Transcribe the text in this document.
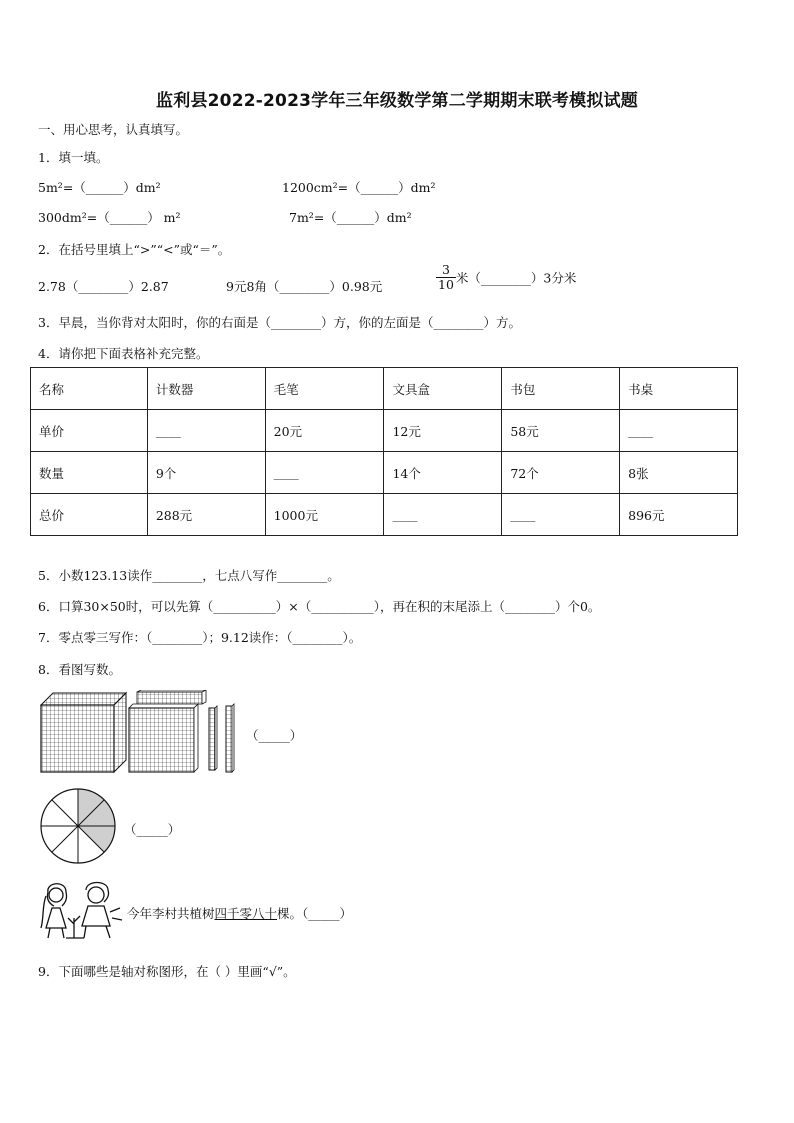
监利县2022-2023学年三年级数学第二学期期末联考模拟试题
一、用心思考，认真填写。
1．填一填。
5m²=（______）dm²	1200cm²=（______）dm²
300dm²=（______） m²	7m²=（______）dm²
2．在括号里填上“>”“<”或“＝”。
2.78（________）2.87	9元8角（________）0.98元	$\frac{3}{10}$ 米（________）3分米
3．早晨，当你背对太阳时，你的右面是（________）方，你的左面是（________）方。
4．请你把下面表格补充完整。
名称	计数器	毛笔	文具盒	书包	书桌
单价	____	20元	12元	58元	____
数量	9个	____	14个	72个	8张
总价	288元	1000元	____	____	896元
5．小数123.13读作________，七点八写作________。
6．口算30×50时，可以先算（__________）×（__________），再在积的末尾添上（________）个0。
7．零点零三写作：（________）；9.12读作：（________）。
8．看图写数。
（_____）
（_____）
今年李村共植树四千零八十棵。（_____）
9．下面哪些是轴对称图形，在（ ）里画“√”。
